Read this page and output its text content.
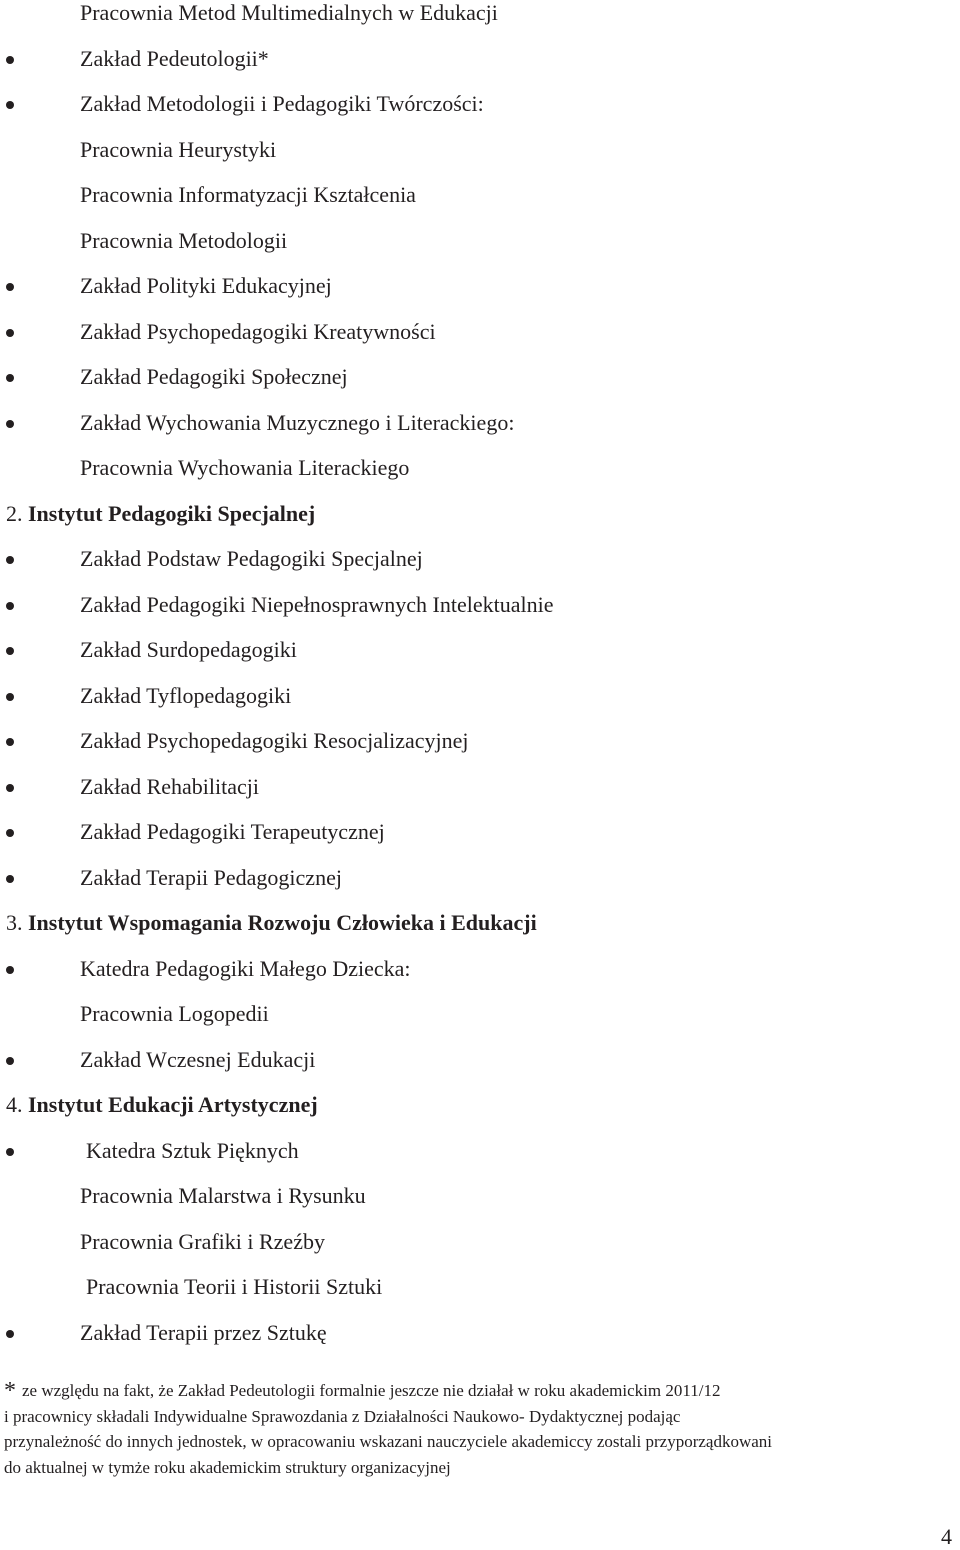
Pracownia Metod Multimedialnych w Edukacji
Zakład Pedeutologii*
Zakład Metodologii i Pedagogiki Twórczości:
Pracownia Heurystyki
Pracownia Informatyzacji Kształcenia
Pracownia Metodologii
Zakład Polityki Edukacyjnej
Zakład Psychopedagogiki Kreatywności
Zakład Pedagogiki Społecznej
Zakład Wychowania Muzycznego i Literackiego:
Pracownia Wychowania Literackiego
2. Instytut Pedagogiki Specjalnej
Zakład Podstaw Pedagogiki Specjalnej
Zakład Pedagogiki Niepełnosprawnych Intelektualnie
Zakład Surdopedagogiki
Zakład Tyflopedagogiki
Zakład Psychopedagogiki Resocjalizacyjnej
Zakład Rehabilitacji
Zakład Pedagogiki Terapeutycznej
Zakład Terapii Pedagogicznej
3. Instytut Wspomagania Rozwoju Człowieka i Edukacji
Katedra Pedagogiki Małego Dziecka:
Pracownia Logopedii
Zakład Wczesnej Edukacji
4. Instytut Edukacji Artystycznej
Katedra Sztuk Pięknych
Pracownia Malarstwa i Rysunku
Pracownia Grafiki i Rzeźby
Pracownia Teorii i Historii Sztuki
Zakład Terapii przez Sztukę
* ze względu na fakt, że Zakład Pedeutologii formalnie jeszcze nie działał w roku akademickim 2011/12
i pracownicy składali Indywidualne Sprawozdania z Działalności Naukowo- Dydaktycznej podając
przynależność do innych jednostek, w opracowaniu wskazani nauczyciele akademiccy zostali przyporządkowani
do aktualnej w tymże roku akademickim struktury organizacyjnej
4
